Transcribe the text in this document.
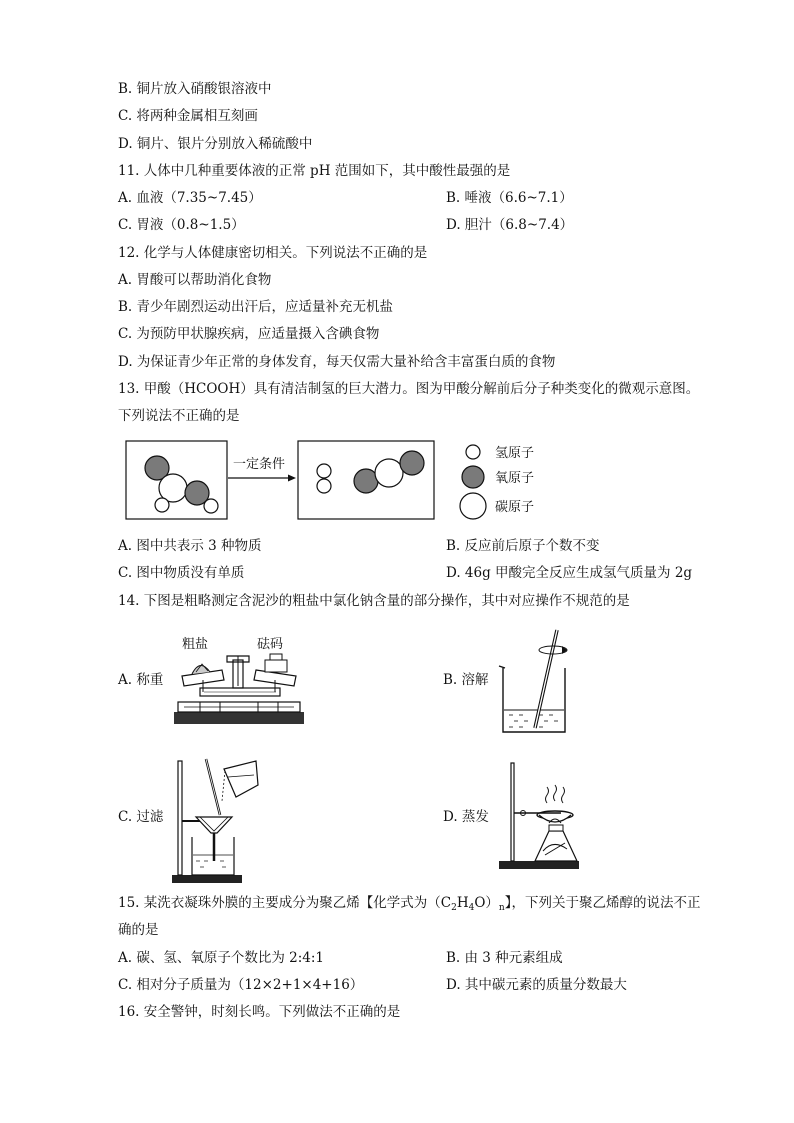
B. 铜片放入硝酸银溶液中
C. 将两种金属相互刻画
D. 铜片、银片分别放入稀硫酸中
11. 人体中几种重要体液的正常 pH 范围如下，其中酸性最强的是
A. 血液（7.35~7.45）	B. 唾液（6.6~7.1）
C. 胃液（0.8~1.5）	D. 胆汁（6.8~7.4）
12. 化学与人体健康密切相关。下列说法不正确的是
A. 胃酸可以帮助消化食物
B. 青少年剧烈运动出汗后，应适量补充无机盐
C. 为预防甲状腺疾病，应适量摄入含碘食物
D. 为保证青少年正常的身体发育，每天仅需大量补给含丰富蛋白质的食物
13. 甲酸（HCOOH）具有清洁制氢的巨大潜力。图为甲酸分解前后分子种类变化的微观示意图。
下列说法不正确的是
一定条件
氢原子
氧原子
碳原子
A. 图中共表示 3 种物质	B. 反应前后原子个数不变
C. 图中物质没有单质	D. 46g 甲酸完全反应生成氢气质量为 2g
14. 下图是粗略测定含泥沙的粗盐中氯化钠含量的部分操作，其中对应操作不规范的是
A. 称重	B. 溶解
C. 过滤	D. 蒸发
粗盐	砝码
15. 某洗衣凝珠外膜的主要成分为聚乙烯【化学式为$(C_2H_4O)_n$】，下列关于聚乙烯醇的说法不正
确的是
A. 碳、氢、氧原子个数比为 2:4:1	B. 由 3 种元素组成
C. 相对分子质量为（12×2+1×4+16）	D. 其中碳元素的质量分数最大
16. 安全警钟，时刻长鸣。下列做法不正确的是
